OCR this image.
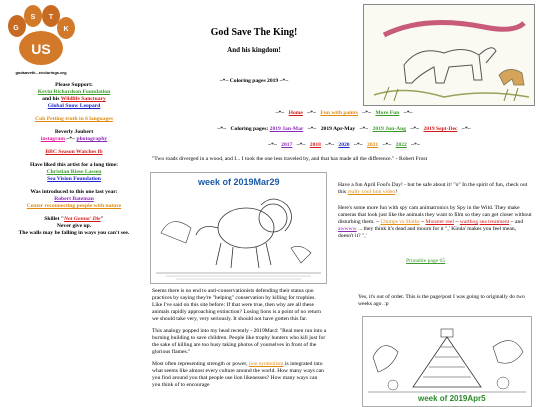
US
G
S T
K
godsaveth...ecolorings.org
Please Support:
Kevin Richardson Foundation
and his Wildlife Sanctuary
Global Snow Leopard
Cub Petting truth in 6 languages
Beverly Joubert
instagram ~*~ photography
BBC Season Watches fb
Have liked this artist for a long time:
Christian Riese Lassen
Sea Vision Foundation
Was introduced to this one last year:
Robert Bateman
Center reconnecting people with nature
Skillet "Not Gonna' Die"
Never give up.
The walls may be falling in ways you can't see.
God Save The King!
And his kingdom!
~*~ Coloring pages 2019 ~*~
~*~ Home ~*~ Fun with paints ~*~ More Fun ~*~
~*~ Coloring pages: 2019 Jan-Mar ~*~ 2019 Apr-May ~*~ 2019 Jun-Aug ~*~ 2019 Sept-Dec ~*~
~*~ 2017 ~*~ 2018 ~*~ 2020 ~*~ 2021 ~*~ 2022 ~*~
"Two roads diverged in a wood, and I... I took the one less traveled by, and that has made all the difference." - Robert Frost
week of 2019Mar29	Have a fun April Fool's Day! - but be safe about it! "o" In the spirit of fun, check out this really cool lion video!
Here's some more fun with spy cam animatronics by Spy in the Wild. They make cameras that look just like the animals they want to film so they can get closer without disturbing them. ~ Chimps vs Sloths ~ Monster reel ~ warthog sea treatment ~ and awwww ... they think it's dead and mourn for it ",' Kinda' makes you feel mean, doesn't it? ",'
Printable page 65

Seems there is no end to anti-conservationists defending their status quo practices by saying they're "helping" conservation by killing for trophies. Like I've said on this site before: If that were true, then why are all these animals rapidly approaching extinction? Losing lions is a point of no return we should take very, very seriously. It should not have gotten this far.

This analogy popped into my head recently - 2019Mar4: "Real men run into a burning building to save children. People like trophy hunters who kill just for the sake of killing are too busy taking photos of yourselves in front of the glorious flames."

Most often representing strength or power, lion symbolism is integrated into what seems like almost every culture around the world. How many ways can you find around you that people use lion likenesses? How many ways can you think of to encourage

Yes, it's out of order. This is the page/post I was going to originally do two weeks ago. :p
week of 2019Apr5
